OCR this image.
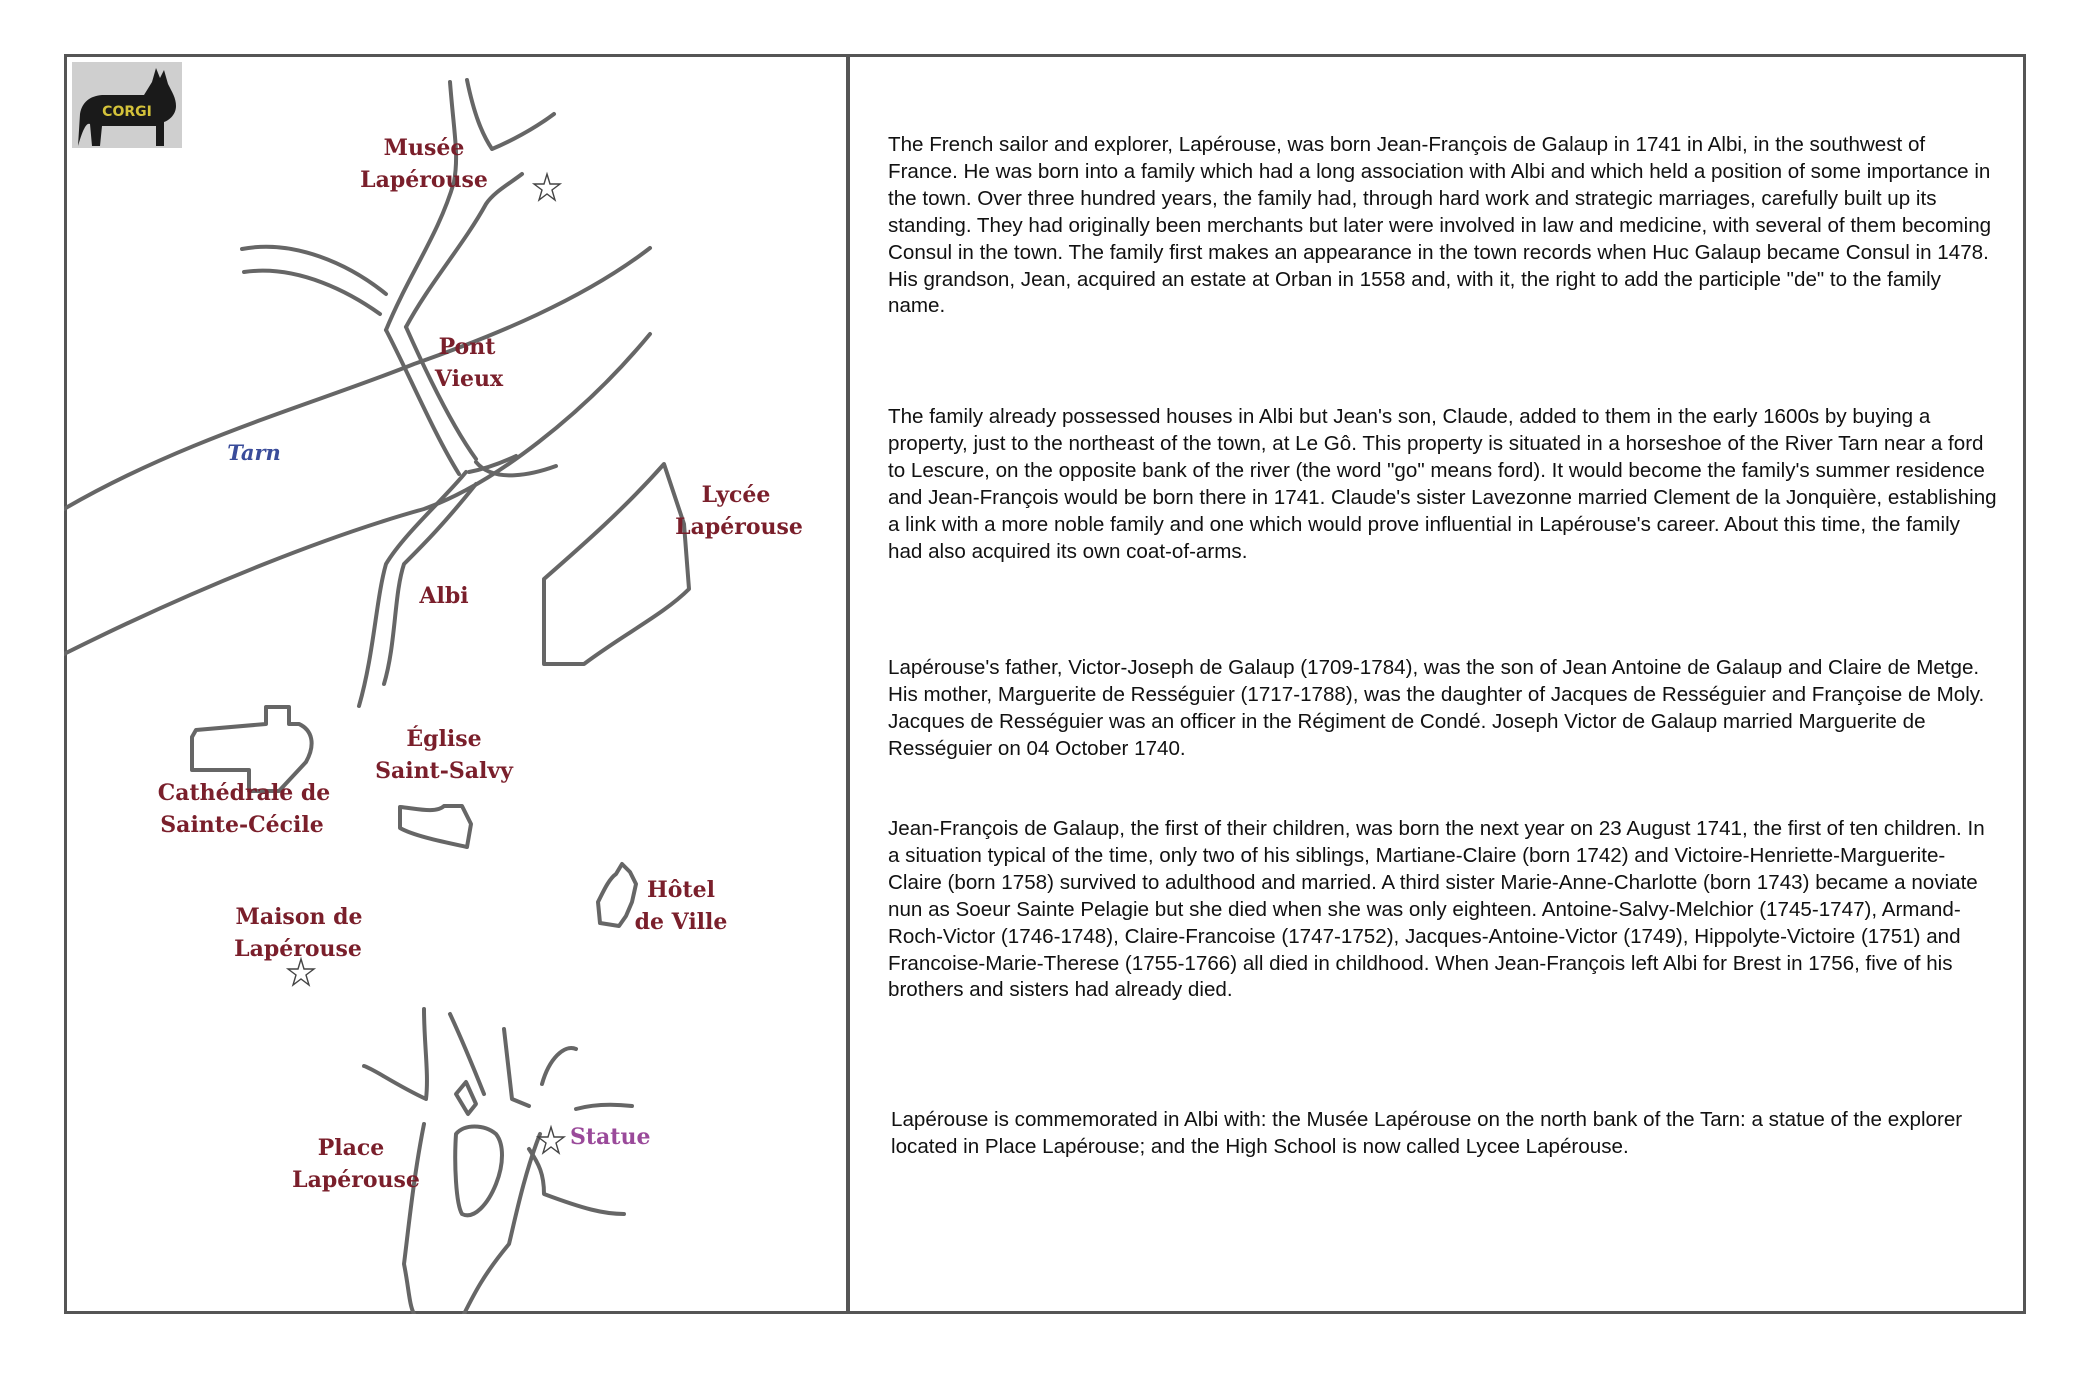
Musée
Lapérouse
Pont
Vieux
Tarn
Lycée
Lapérouse
Albi
Église
Saint-Salvy
Cathédrale de
Sainte-Cécile
Hôtel
de Ville
Maison de
Lapérouse
Place
Lapérouse
Statue
CORGI

The French sailor and explorer, Lapérouse, was born Jean-François de Galaup in 1741 in Albi, in the southwest of France. He was born into a family which had a long association with Albi and which held a position of some importance in the town. Over three hundred years, the family had, through hard work and strategic marriages, carefully built up its standing. They had originally been merchants but later were involved in law and medicine, with several of them becoming Consul in the town. The family first makes an appearance in the town records when Huc Galaup became Consul in 1478. His grandson, Jean, acquired an estate at Orban in 1558 and, with it, the right to add the participle "de" to the family name.

The family already possessed houses in Albi but Jean's son, Claude, added to them in the early 1600s by buying a property, just to the northeast of the town, at Le Gô. This property is situated in a horseshoe of the River Tarn near a ford to Lescure, on the opposite bank of the river (the word "go" means ford). It would become the family's summer residence and Jean-François would be born there in 1741. Claude's sister Lavezonne married Clement de la Jonquière, establishing a link with a more noble family and one which would prove influential in Lapérouse's career. About this time, the family had also acquired its own coat-of-arms.

Lapérouse's father, Victor-Joseph de Galaup (1709-1784), was the son of Jean Antoine de Galaup and Claire de Metge. His mother, Marguerite de Rességuier (1717-1788), was the daughter of Jacques de Rességuier and Françoise de Moly. Jacques de Rességuier was an officer in the Régiment de Condé. Joseph Victor de Galaup married Marguerite de Rességuier on 04 October 1740.

Jean-François de Galaup, the first of their children, was born the next year on 23 August 1741, the first of ten children. In a situation typical of the time, only two of his siblings, Martiane-Claire (born 1742) and Victoire-Henriette-Marguerite-Claire (born 1758) survived to adulthood and married. A third sister Marie-Anne-Charlotte (born 1743) became a noviate nun as Soeur Sainte Pelagie but she died when she was only eighteen. Antoine-Salvy-Melchior (1745-1747), Armand-Roch-Victor (1746-1748), Claire-Francoise (1747-1752), Jacques-Antoine-Victor (1749), Hippolyte-Victoire (1751) and Francoise-Marie-Therese (1755-1766) all died in childhood. When Jean-François left Albi for Brest in 1756, five of his brothers and sisters had already died.

Lapérouse is commemorated in Albi with: the Musée Lapérouse on the north bank of the Tarn: a statue of the explorer located in Place Lapérouse; and the High School is now called Lycee Lapérouse.
